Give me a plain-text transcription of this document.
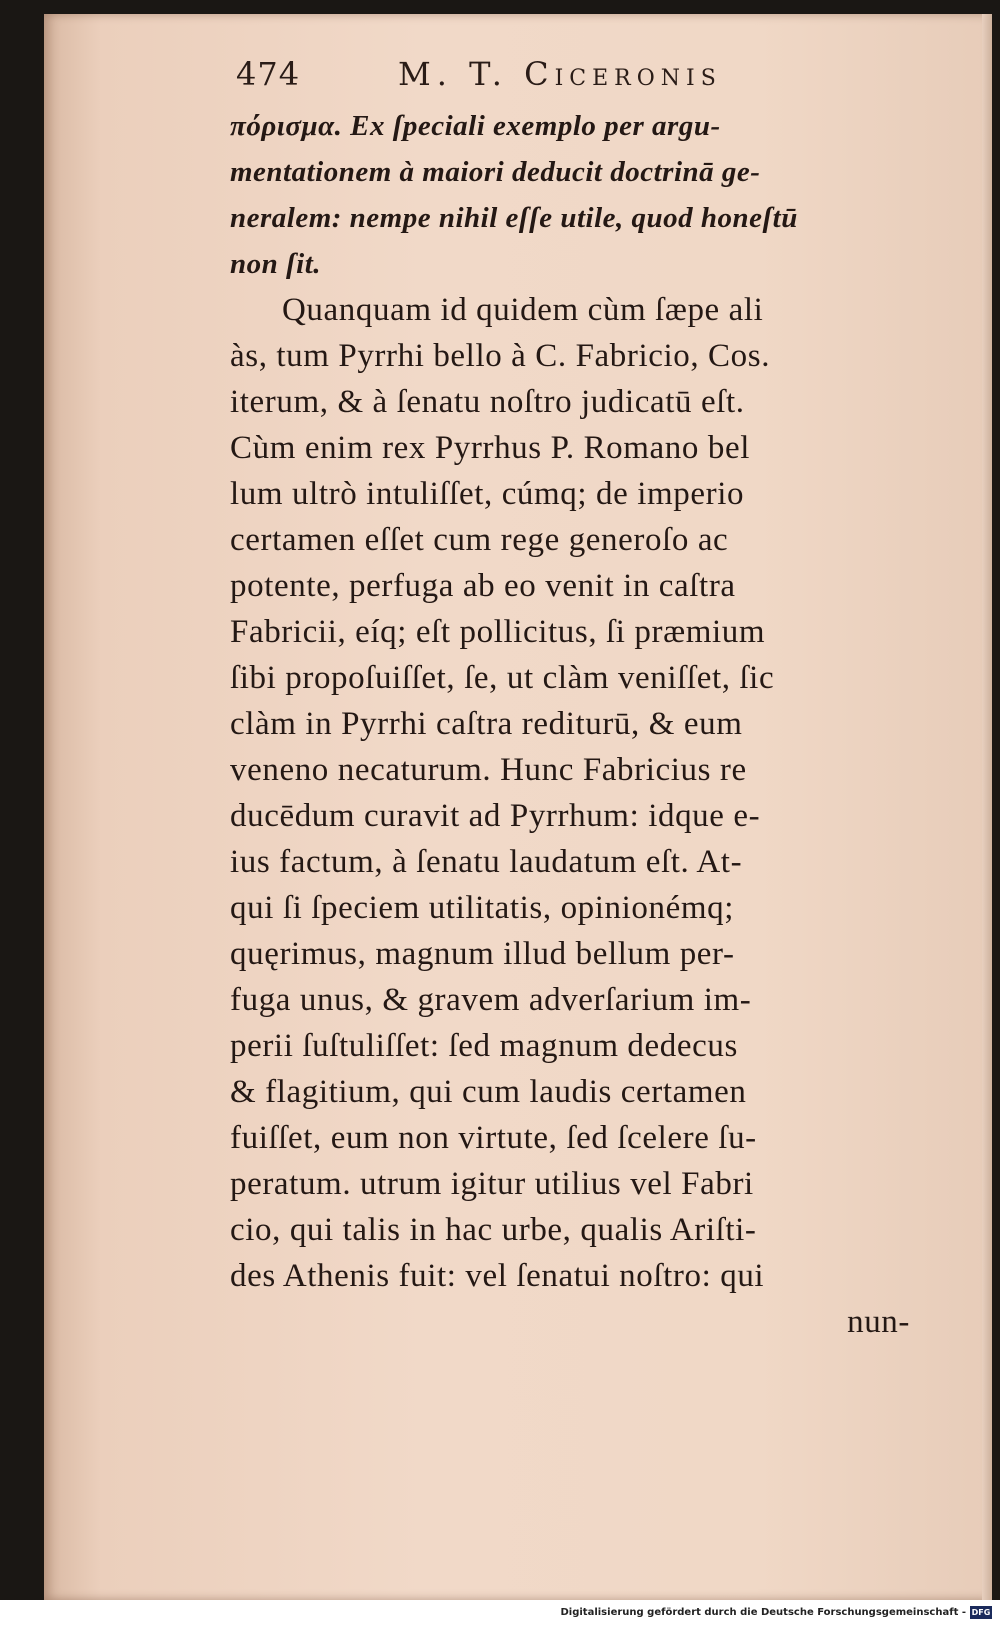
474	M. T. Ciceronis
πόρισμα. Ex ſpeciali exemplo per argu-
mentationem à maiori deducit doctrinā ge-
neralem: nempe nihil eſſe utile, quod honeſtū
non ſit.
Quanquam id quidem cùm ſæpe ali
às, tum Pyrrhi bello à C. Fabricio, Cos.
iterum, & à ſenatu noſtro judicatū eſt.
Cùm enim rex Pyrrhus P. Romano bel
lum ultrò intuliſſet, cúmq; de imperio
certamen eſſet cum rege generoſo ac
potente, perfuga ab eo venit in caſtra
Fabricii, eíq; eſt pollicitus, ſi præmium
ſibi propoſuiſſet, ſe, ut clàm veniſſet, ſic
clàm in Pyrrhi caſtra rediturū, & eum
veneno necaturum. Hunc Fabricius re
ducēdum curavit ad Pyrrhum: idque e-
ius factum, à ſenatu laudatum eſt. At-
qui ſi ſpeciem utilitatis, opinionémq;
quęrimus, magnum illud bellum per-
fuga unus, & gravem adverſarium im-
perii ſuſtuliſſet: ſed magnum dedecus
& flagitium, qui cum laudis certamen
fuiſſet, eum non virtute, ſed ſcelere ſu-
peratum. utrum igitur utilius vel Fabri
cio, qui talis in hac urbe, qualis Ariſti-
des Athenis fuit: vel ſenatui noſtro: qui
nun-
Digitalisierung gefördert durch die Deutsche Forschungsgemeinschaft - DFG
